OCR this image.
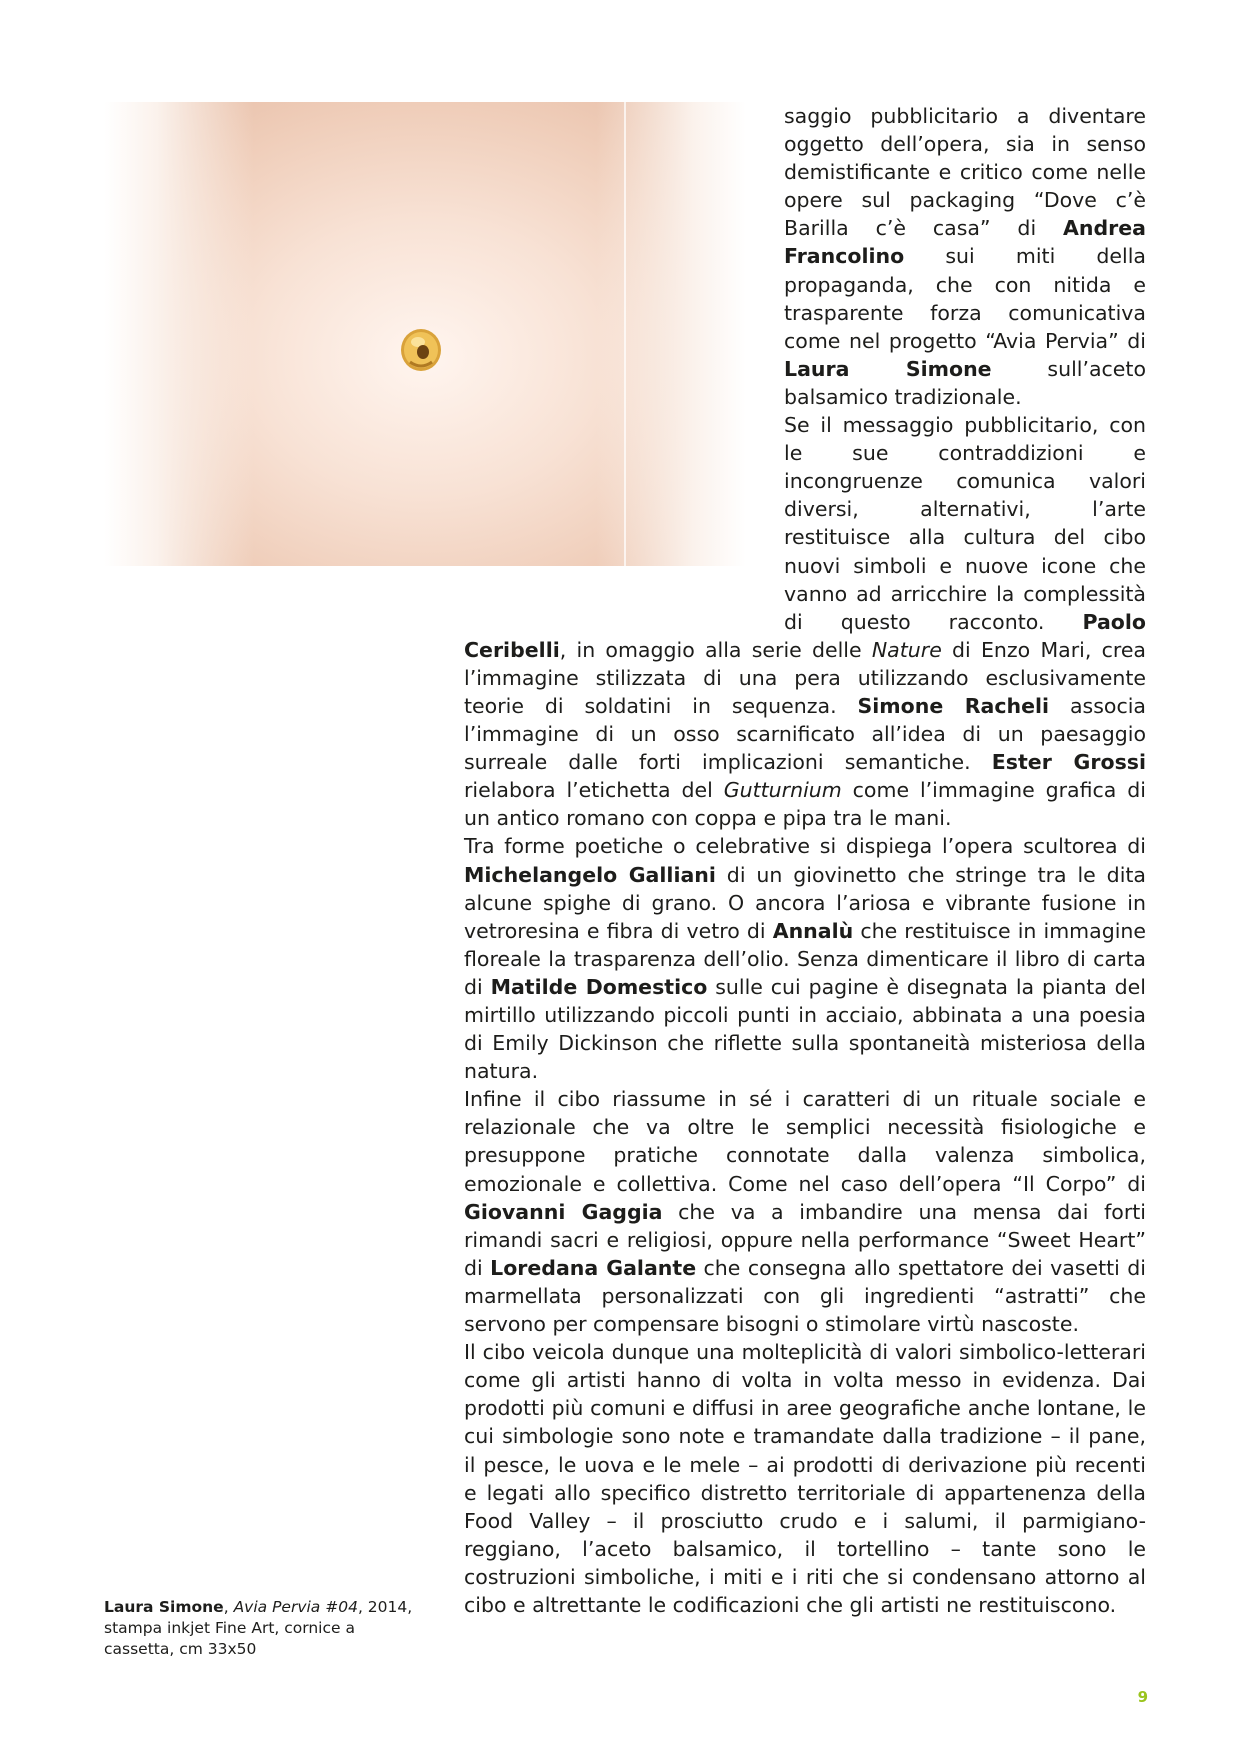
saggio pubblicitario a diventare oggetto dell’opera, sia in senso demistificante e critico come nelle opere sul packaging “Dove c’è Barilla c’è casa” di Andrea Francolino sui miti della propaganda, che con nitida e trasparente forza comunicativa come nel progetto “Avia Pervia” di Laura Simone sull’aceto balsamico tradizionale.

Se il messaggio pubblicitario, con le sue contraddizioni e incongruenze comunica valori diversi, alternativi, l’arte restituisce alla cultura del cibo nuovi simboli e nuove icone che vanno ad arricchire la complessità di questo racconto. Paolo Ceribelli, in omaggio alla serie delle Nature di Enzo Mari, crea l’immagine stilizzata di una pera utilizzando esclusivamente teorie di soldatini in sequenza. Simone Racheli associa l’immagine di un osso scarnificato all’idea di un paesaggio surreale dalle forti implicazioni semantiche. Ester Grossi rielabora l’etichetta del Gutturnium come l’immagine grafica di un antico romano con coppa e pipa tra le mani.

Tra forme poetiche o celebrative si dispiega l’opera scultorea di Michelangelo Galliani di un giovinetto che stringe tra le dita alcune spighe di grano. O ancora l’ariosa e vibrante fusione in vetroresina e fibra di vetro di Annalù che restituisce in immagine floreale la trasparenza dell’olio. Senza dimenticare il libro di carta di Matilde Domestico sulle cui pagine è disegnata la pianta del mirtillo utilizzando piccoli punti in acciaio, abbinata a una poesia di Emily Dickinson che riflette sulla spontaneità misteriosa della natura.

Infine il cibo riassume in sé i caratteri di un rituale sociale e relazionale che va oltre le semplici necessità fisiologiche e presuppone pratiche connotate dalla valenza simbolica, emozionale e collettiva. Come nel caso dell’opera “Il Corpo” di Giovanni Gaggia che va a imbandire una mensa dai forti rimandi sacri e religiosi, oppure nella performance “Sweet Heart” di Loredana Galante che consegna allo spettatore dei vasetti di marmellata personalizzati con gli ingredienti “astratti” che servono per compensare bisogni o stimolare virtù nascoste.

Il cibo veicola dunque una molteplicità di valori simbolico-letterari come gli artisti hanno di volta in volta messo in evidenza. Dai prodotti più comuni e diffusi in aree geografiche anche lontane, le cui simbologie sono note e tramandate dalla tradizione – il pane, il pesce, le uova e le mele – ai prodotti di derivazione più recenti e legati allo specifico distretto territoriale di appartenenza della Food Valley – il prosciutto crudo e i salumi, il parmigiano-reggiano, l’aceto balsamico, il tortellino – tante sono le costruzioni simboliche, i miti e i riti che si condensano attorno al cibo e altrettante le codificazioni che gli artisti ne restituiscono.

Laura Simone, Avia Pervia #04, 2014, stampa inkjet Fine Art, cornice a cassetta, cm 33x50
9
